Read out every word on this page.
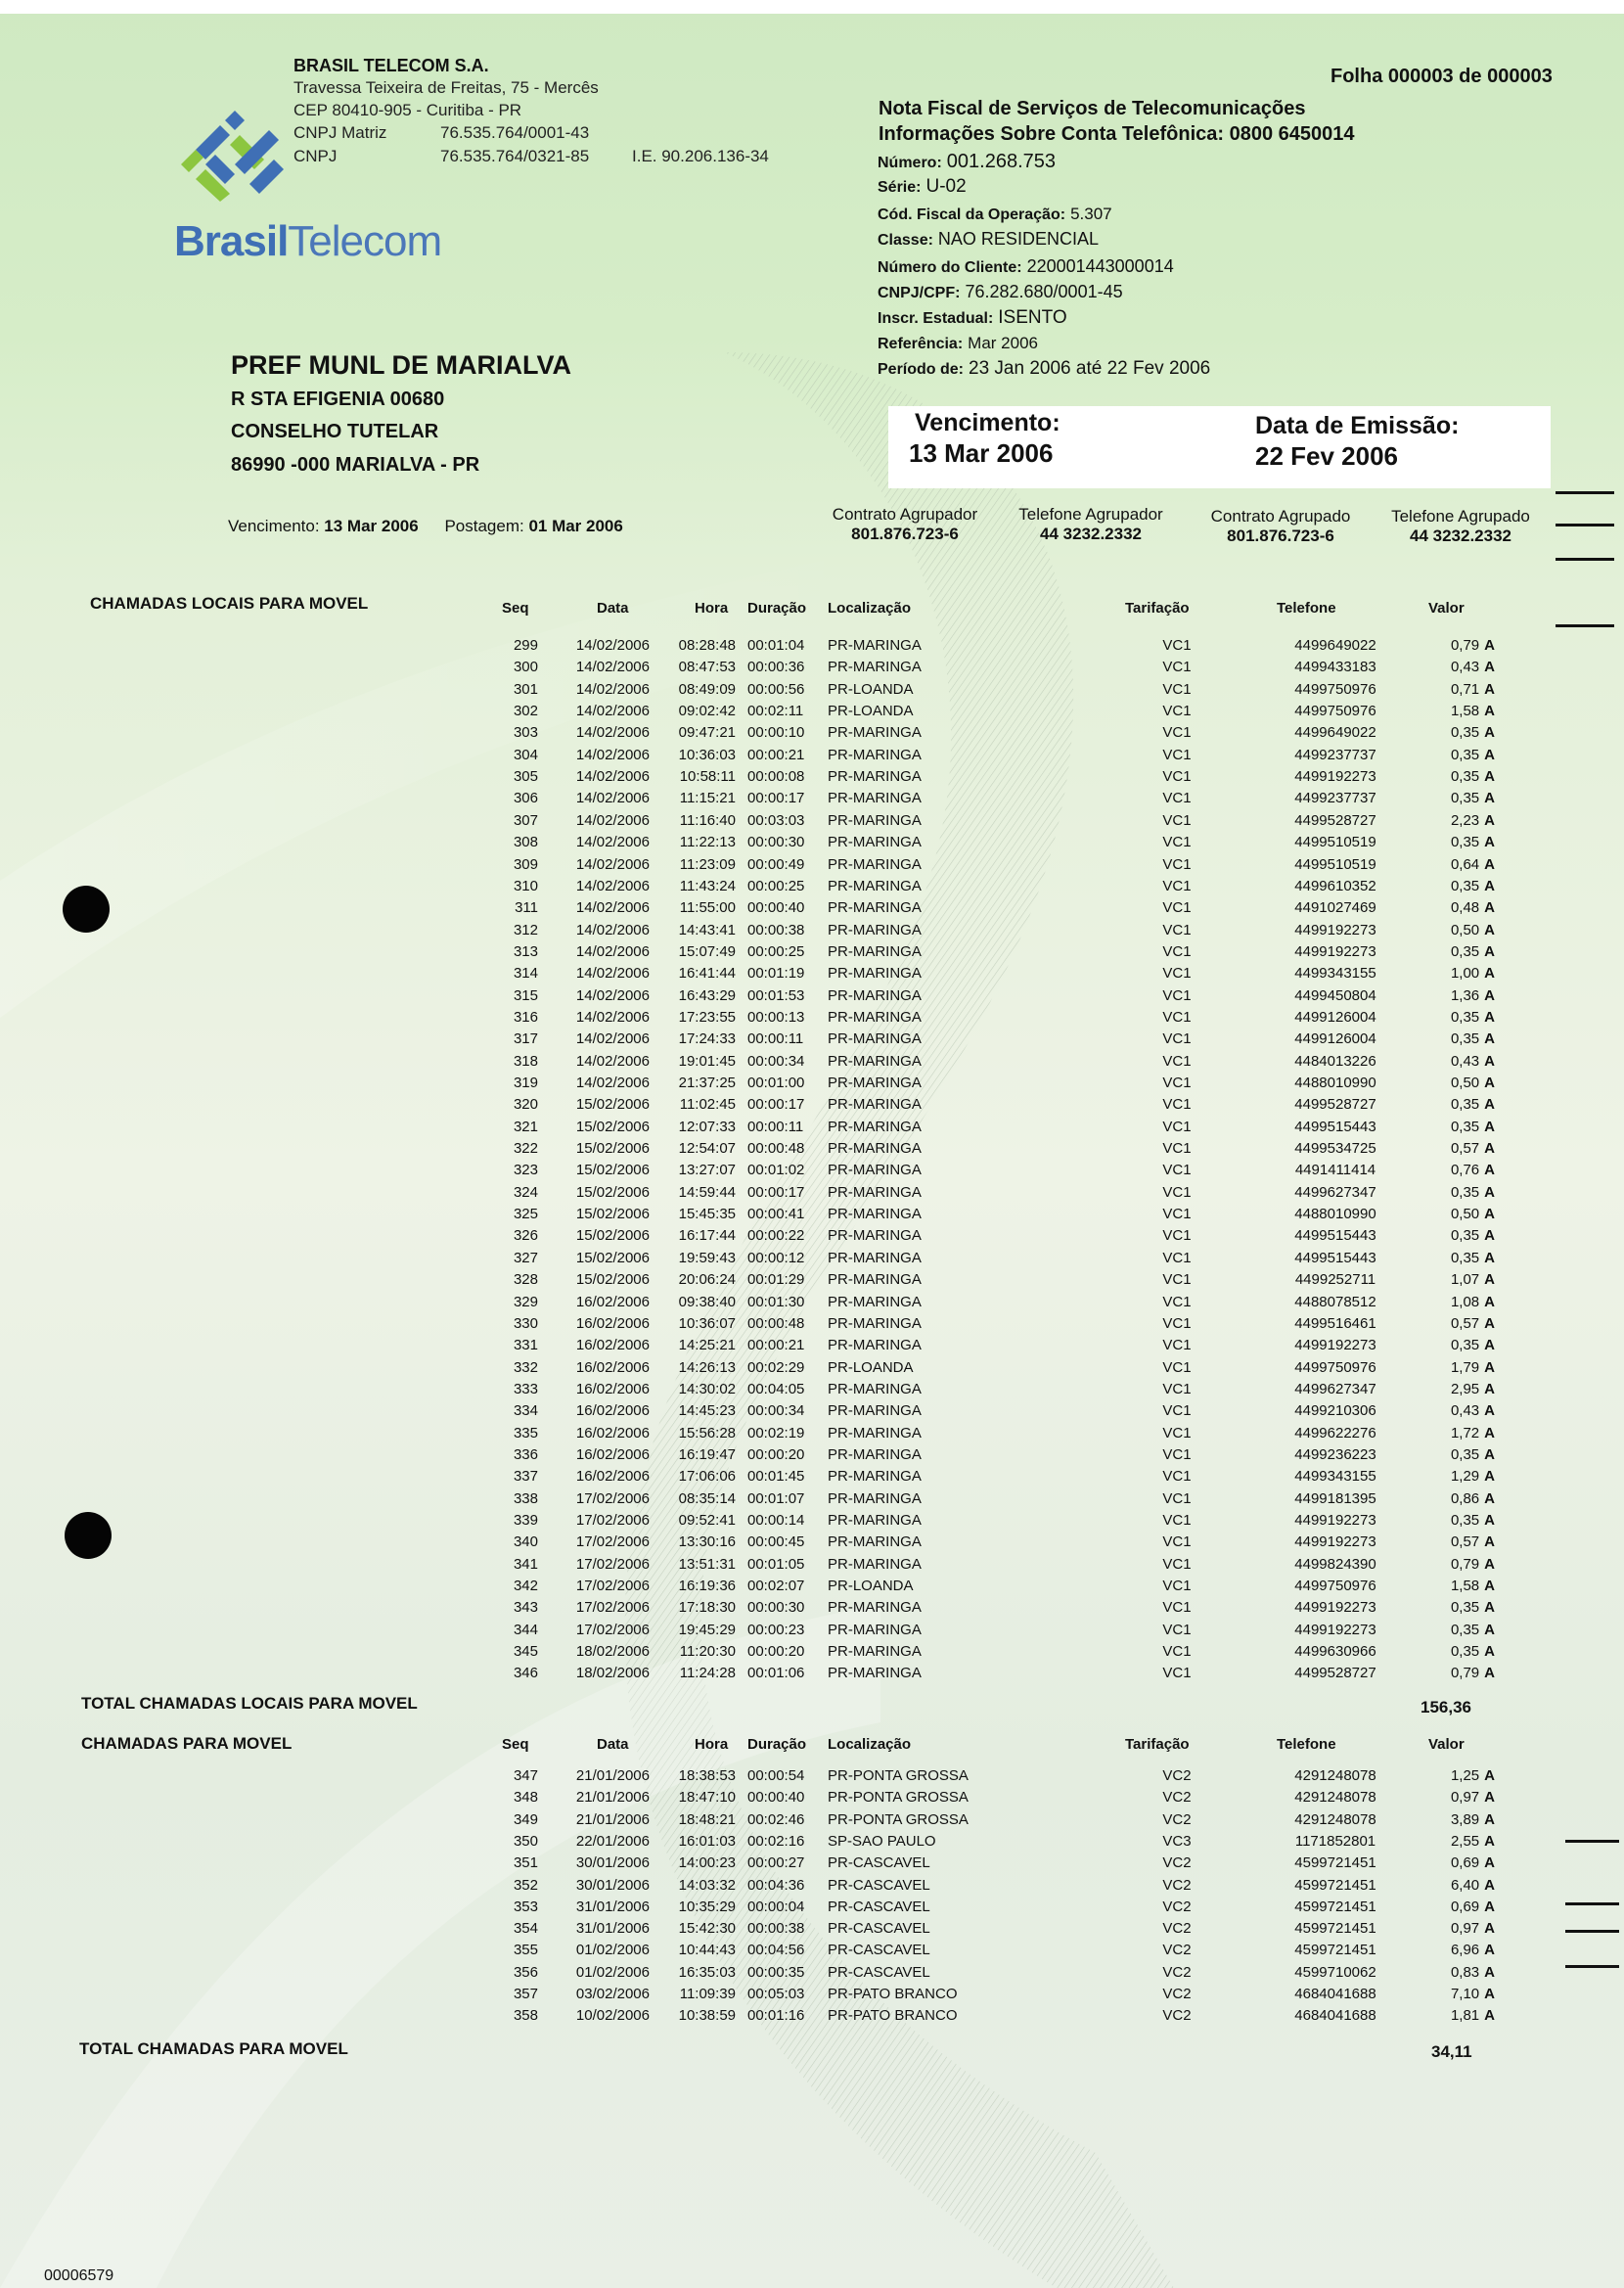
BrasilTelecom
BRASIL TELECOM S.A.
Travessa Teixeira de Freitas, 75 - Mercês
CEP 80410-905 - Curitiba - PR
CNPJ Matriz	76.535.764/0001-43
CNPJ	76.535.764/0321-85	I.E. 90.206.136-34
Folha 000003 de 000003
Nota Fiscal de Serviços de Telecomunicações
Informações Sobre Conta Telefônica: 0800 6450014
Número: 001.268.753
Série: U-02
Cód. Fiscal da Operação: 5.307
Classe: NAO RESIDENCIAL
Número do Cliente: 220001443000014
CNPJ/CPF: 76.282.680/0001-45
Inscr. Estadual: ISENTO
Referência: Mar 2006
Período de: 23 Jan 2006 até 22 Fev 2006
PREF MUNL DE MARIALVA
R STA EFIGENIA 00680
CONSELHO TUTELAR
86990 -000 MARIALVA - PR
Vencimento:
13 Mar 2006
Data de Emissão:
22 Fev 2006
Vencimento: 13 Mar 2006 Postagem: 01 Mar 2006
Contrato Agrupador
801.876.723-6
Telefone Agrupador
44 3232.2332
Contrato Agrupado
801.876.723-6
Telefone Agrupado
44 3232.2332
CHAMADAS LOCAIS PARA MOVEL	Seq	Data	Hora Duração Localização	Tarifação	Telefone	Valor
299	14/02/2006	08:28:48 00:01:04	PR-MARINGA	VC1	4499649022	0,79 A
300	14/02/2006	08:47:53 00:00:36	PR-MARINGA	VC1	4499433183	0,43 A
301	14/02/2006	08:49:09 00:00:56	PR-LOANDA	VC1	4499750976	0,71 A
302	14/02/2006	09:02:42 00:02:11	PR-LOANDA	VC1	4499750976	1,58 A
303	14/02/2006	09:47:21 00:00:10	PR-MARINGA	VC1	4499649022	0,35 A
304	14/02/2006	10:36:03 00:00:21	PR-MARINGA	VC1	4499237737	0,35 A
305	14/02/2006	10:58:11 00:00:08	PR-MARINGA	VC1	4499192273	0,35 A
306	14/02/2006	11:15:21 00:00:17	PR-MARINGA	VC1	4499237737	0,35 A
307	14/02/2006	11:16:40 00:03:03	PR-MARINGA	VC1	4499528727	2,23 A
308	14/02/2006	11:22:13 00:00:30	PR-MARINGA	VC1	4499510519	0,35 A
309	14/02/2006	11:23:09 00:00:49	PR-MARINGA	VC1	4499510519	0,64 A
310	14/02/2006	11:43:24 00:00:25	PR-MARINGA	VC1	4499610352	0,35 A
311	14/02/2006	11:55:00 00:00:40	PR-MARINGA	VC1	4491027469	0,48 A
312	14/02/2006	14:43:41 00:00:38	PR-MARINGA	VC1	4499192273	0,50 A
313	14/02/2006	15:07:49 00:00:25	PR-MARINGA	VC1	4499192273	0,35 A
314	14/02/2006	16:41:44 00:01:19	PR-MARINGA	VC1	4499343155	1,00 A
315	14/02/2006	16:43:29 00:01:53	PR-MARINGA	VC1	4499450804	1,36 A
316	14/02/2006	17:23:55 00:00:13	PR-MARINGA	VC1	4499126004	0,35 A
317	14/02/2006	17:24:33 00:00:11	PR-MARINGA	VC1	4499126004	0,35 A
318	14/02/2006	19:01:45 00:00:34	PR-MARINGA	VC1	4484013226	0,43 A
319	14/02/2006	21:37:25 00:01:00	PR-MARINGA	VC1	4488010990	0,50 A
320	15/02/2006	11:02:45 00:00:17	PR-MARINGA	VC1	4499528727	0,35 A
321	15/02/2006	12:07:33 00:00:11	PR-MARINGA	VC1	4499515443	0,35 A
322	15/02/2006	12:54:07 00:00:48	PR-MARINGA	VC1	4499534725	0,57 A
323	15/02/2006	13:27:07 00:01:02	PR-MARINGA	VC1	4491411414	0,76 A
324	15/02/2006	14:59:44 00:00:17	PR-MARINGA	VC1	4499627347	0,35 A
325	15/02/2006	15:45:35 00:00:41	PR-MARINGA	VC1	4488010990	0,50 A
326	15/02/2006	16:17:44 00:00:22	PR-MARINGA	VC1	4499515443	0,35 A
327	15/02/2006	19:59:43 00:00:12	PR-MARINGA	VC1	4499515443	0,35 A
328	15/02/2006	20:06:24 00:01:29	PR-MARINGA	VC1	4499252711	1,07 A
329	16/02/2006	09:38:40 00:01:30	PR-MARINGA	VC1	4488078512	1,08 A
330	16/02/2006	10:36:07 00:00:48	PR-MARINGA	VC1	4499516461	0,57 A
331	16/02/2006	14:25:21 00:00:21	PR-MARINGA	VC1	4499192273	0,35 A
332	16/02/2006	14:26:13 00:02:29	PR-LOANDA	VC1	4499750976	1,79 A
333	16/02/2006	14:30:02 00:04:05	PR-MARINGA	VC1	4499627347	2,95 A
334	16/02/2006	14:45:23 00:00:34	PR-MARINGA	VC1	4499210306	0,43 A
335	16/02/2006	15:56:28 00:02:19	PR-MARINGA	VC1	4499622276	1,72 A
336	16/02/2006	16:19:47 00:00:20	PR-MARINGA	VC1	4499236223	0,35 A
337	16/02/2006	17:06:06 00:01:45	PR-MARINGA	VC1	4499343155	1,29 A
338	17/02/2006	08:35:14 00:01:07	PR-MARINGA	VC1	4499181395	0,86 A
339	17/02/2006	09:52:41 00:00:14	PR-MARINGA	VC1	4499192273	0,35 A
340	17/02/2006	13:30:16 00:00:45	PR-MARINGA	VC1	4499192273	0,57 A
341	17/02/2006	13:51:31 00:01:05	PR-MARINGA	VC1	4499824390	0,79 A
342	17/02/2006	16:19:36 00:02:07	PR-LOANDA	VC1	4499750976	1,58 A
343	17/02/2006	17:18:30 00:00:30	PR-MARINGA	VC1	4499192273	0,35 A
344	17/02/2006	19:45:29 00:00:23	PR-MARINGA	VC1	4499192273	0,35 A
345	18/02/2006	11:20:30 00:00:20	PR-MARINGA	VC1	4499630966	0,35 A
346	18/02/2006	11:24:28 00:01:06	PR-MARINGA	VC1	4499528727	0,79 A
TOTAL CHAMADAS LOCAIS PARA MOVEL	156,36
CHAMADAS PARA MOVEL	Seq	Data	Hora Duração Localização	Tarifação	Telefone	Valor
347	21/01/2006	18:38:53 00:00:54	PR-PONTA GROSSA	VC2	4291248078	1,25 A
348	21/01/2006	18:47:10 00:00:40	PR-PONTA GROSSA	VC2	4291248078	0,97 A
349	21/01/2006	18:48:21 00:02:46	PR-PONTA GROSSA	VC2	4291248078	3,89 A
350	22/01/2006	16:01:03 00:02:16	SP-SAO PAULO	VC3	1171852801	2,55 A
351	30/01/2006	14:00:23 00:00:27	PR-CASCAVEL	VC2	4599721451	0,69 A
352	30/01/2006	14:03:32 00:04:36	PR-CASCAVEL	VC2	4599721451	6,40 A
353	31/01/2006	10:35:29 00:00:04	PR-CASCAVEL	VC2	4599721451	0,69 A
354	31/01/2006	15:42:30 00:00:38	PR-CASCAVEL	VC2	4599721451	0,97 A
355	01/02/2006	10:44:43 00:04:56	PR-CASCAVEL	VC2	4599721451	6,96 A
356	01/02/2006	16:35:03 00:00:35	PR-CASCAVEL	VC2	4599710062	0,83 A
357	03/02/2006	11:09:39 00:05:03	PR-PATO BRANCO	VC2	4684041688	7,10 A
358	10/02/2006	10:38:59 00:01:16	PR-PATO BRANCO	VC2	4684041688	1,81 A
TOTAL CHAMADAS PARA MOVEL	34,11
00006579
